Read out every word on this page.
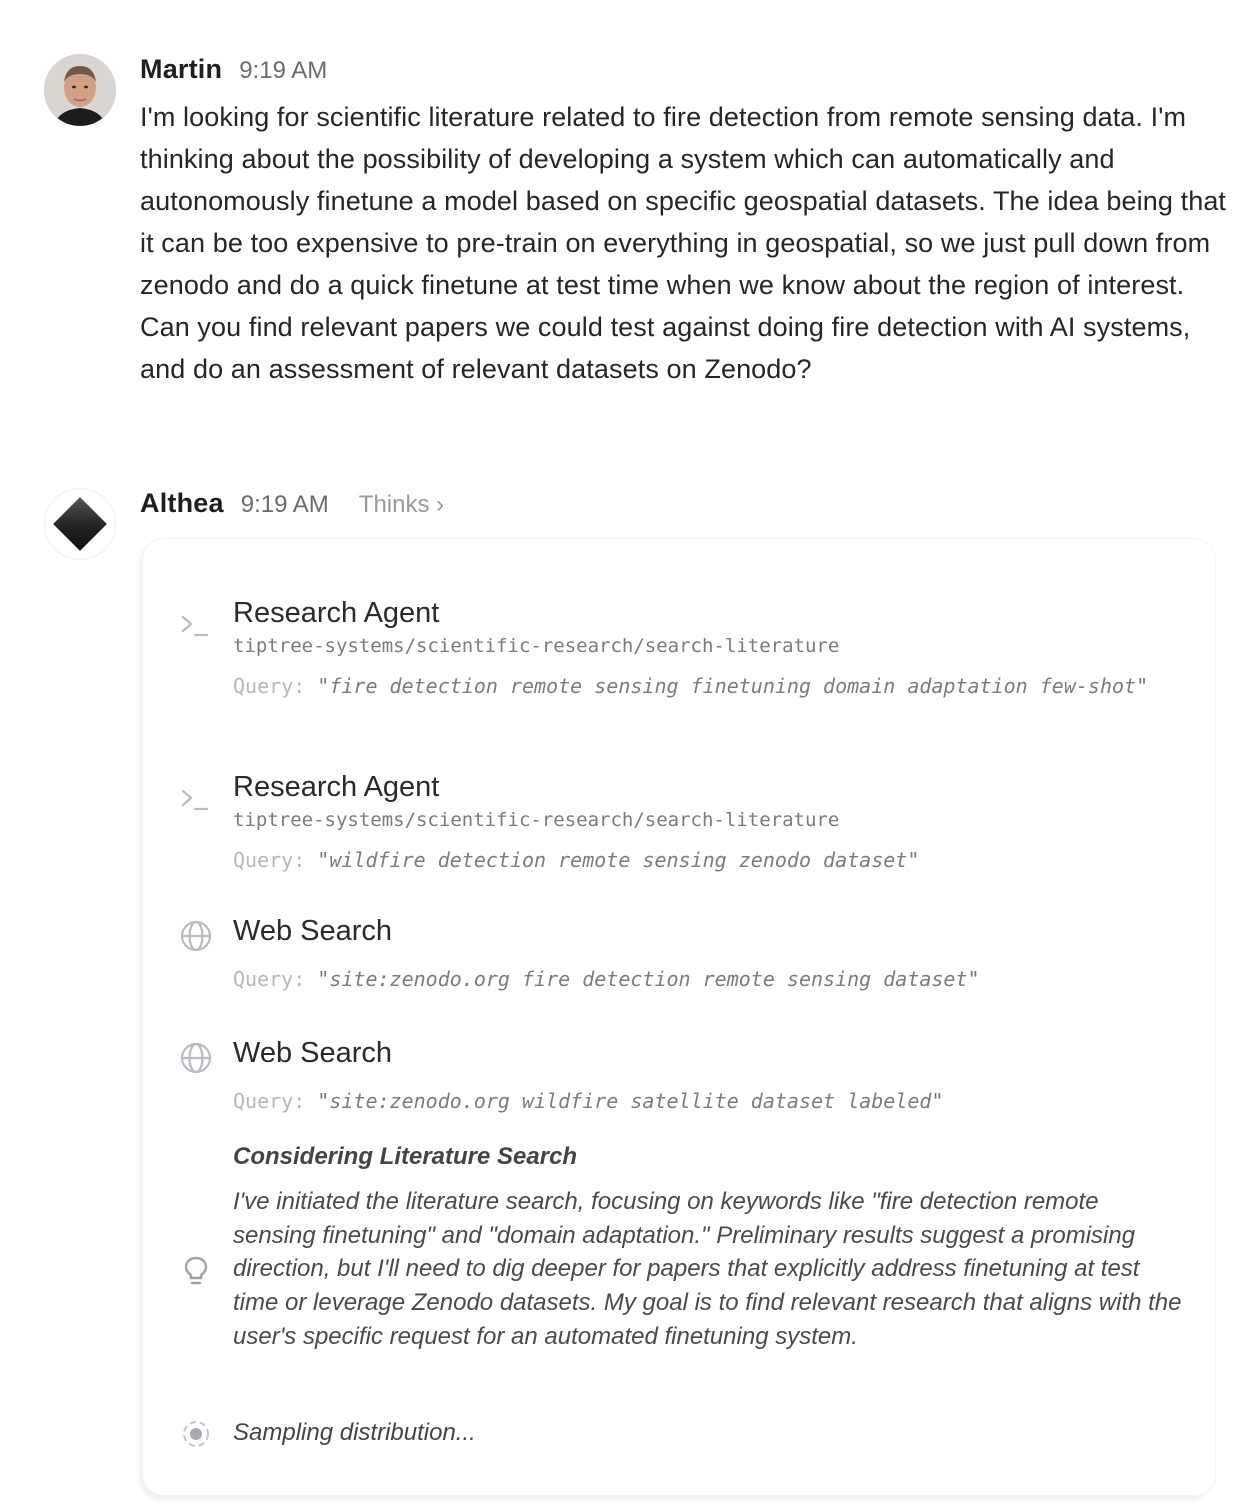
Martin 9:19 AM
I'm looking for scientific literature related to fire detection from remote sensing data. I'm thinking about the possibility of developing a system which can automatically and autonomously finetune a model based on specific geospatial datasets. The idea being that it can be too expensive to pre-train on everything in geospatial, so we just pull down from zenodo and do a quick finetune at test time when we know about the region of interest. Can you find relevant papers we could test against doing fire detection with AI systems, and do an assessment of relevant datasets on Zenodo?
Althea 9:19 AM Thinks ›
Research Agent
tiptree-systems/scientific-research/search-literature
Query: "fire detection remote sensing finetuning domain adaptation few-shot"
Research Agent
tiptree-systems/scientific-research/search-literature
Query: "wildfire detection remote sensing zenodo dataset"
Web Search
Query: "site:zenodo.org fire detection remote sensing dataset"
Web Search
Query: "site:zenodo.org wildfire satellite dataset labeled"
Considering Literature Search
I've initiated the literature search, focusing on keywords like "fire detection remote sensing finetuning" and "domain adaptation." Preliminary results suggest a promising direction, but I'll need to dig deeper for papers that explicitly address finetuning at test time or leverage Zenodo datasets. My goal is to find relevant research that aligns with the user's specific request for an automated finetuning system.
Sampling distribution...
